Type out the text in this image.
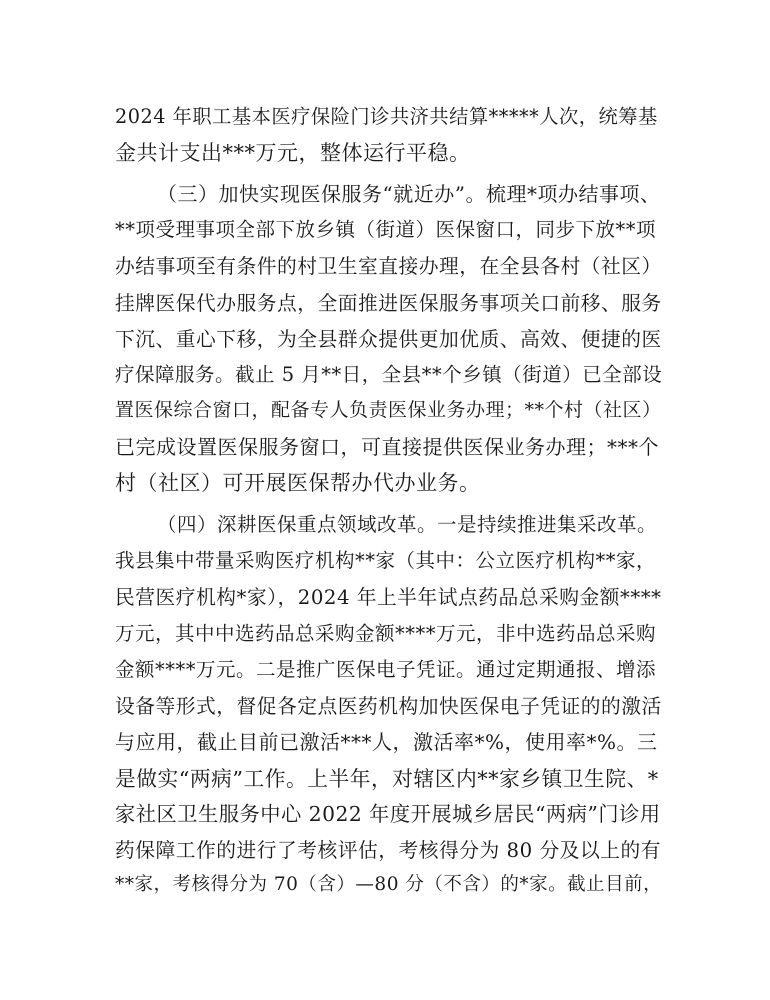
2024 年职工基本医疗保险门诊共济共结算*****人次，统筹基

金共计支出***万元，整体运行平稳。

（三）加快实现医保服务“就近办”。梳理*项办结事项、

**项受理事项全部下放乡镇（街道）医保窗口，同步下放**项

办结事项至有条件的村卫生室直接办理，在全县各村（社区）

挂牌医保代办服务点，全面推进医保服务事项关口前移、服务

下沉、重心下移，为全县群众提供更加优质、高效、便捷的医

疗保障服务。截止 5 月**日，全县**个乡镇（街道）已全部设

置医保综合窗口，配备专人负责医保业务办理；**个村（社区）

已完成设置医保服务窗口，可直接提供医保业务办理；***个

村（社区）可开展医保帮办代办业务。

（四）深耕医保重点领域改革。一是持续推进集采改革。

我县集中带量采购医疗机构**家（其中：公立医疗机构**家，

民营医疗机构*家），2024 年上半年试点药品总采购金额****

万元，其中中选药品总采购金额****万元，非中选药品总采购

金额****万元。二是推广医保电子凭证。通过定期通报、增添

设备等形式，督促各定点医药机构加快医保电子凭证的的激活

与应用，截止目前已激活***人，激活率*%，使用率*%。三

是做实“两病”工作。上半年，对辖区内**家乡镇卫生院、*

家社区卫生服务中心 2022 年度开展城乡居民“两病”门诊用

药保障工作的进行了考核评估，考核得分为 80 分及以上的有

**家，考核得分为 70（含）—80 分（不含）的*家。截止目前，
